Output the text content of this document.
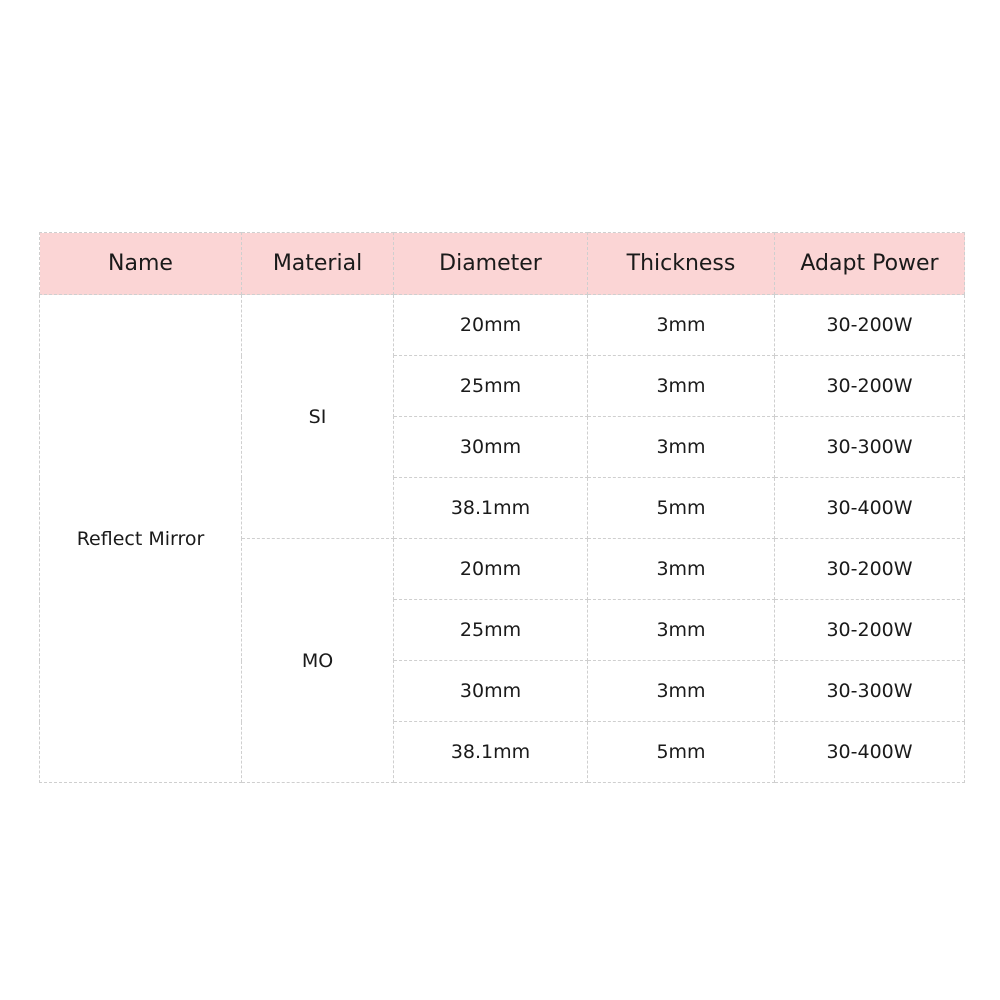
Name	Material	Diameter	Thickness	Adapt Power
Reflect Mirror	SI	20mm	3mm	30-200W
		25mm	3mm	30-200W
		30mm	3mm	30-300W
		38.1mm	5mm	30-400W
	MO	20mm	3mm	30-200W
		25mm	3mm	30-200W
		30mm	3mm	30-300W
		38.1mm	5mm	30-400W
